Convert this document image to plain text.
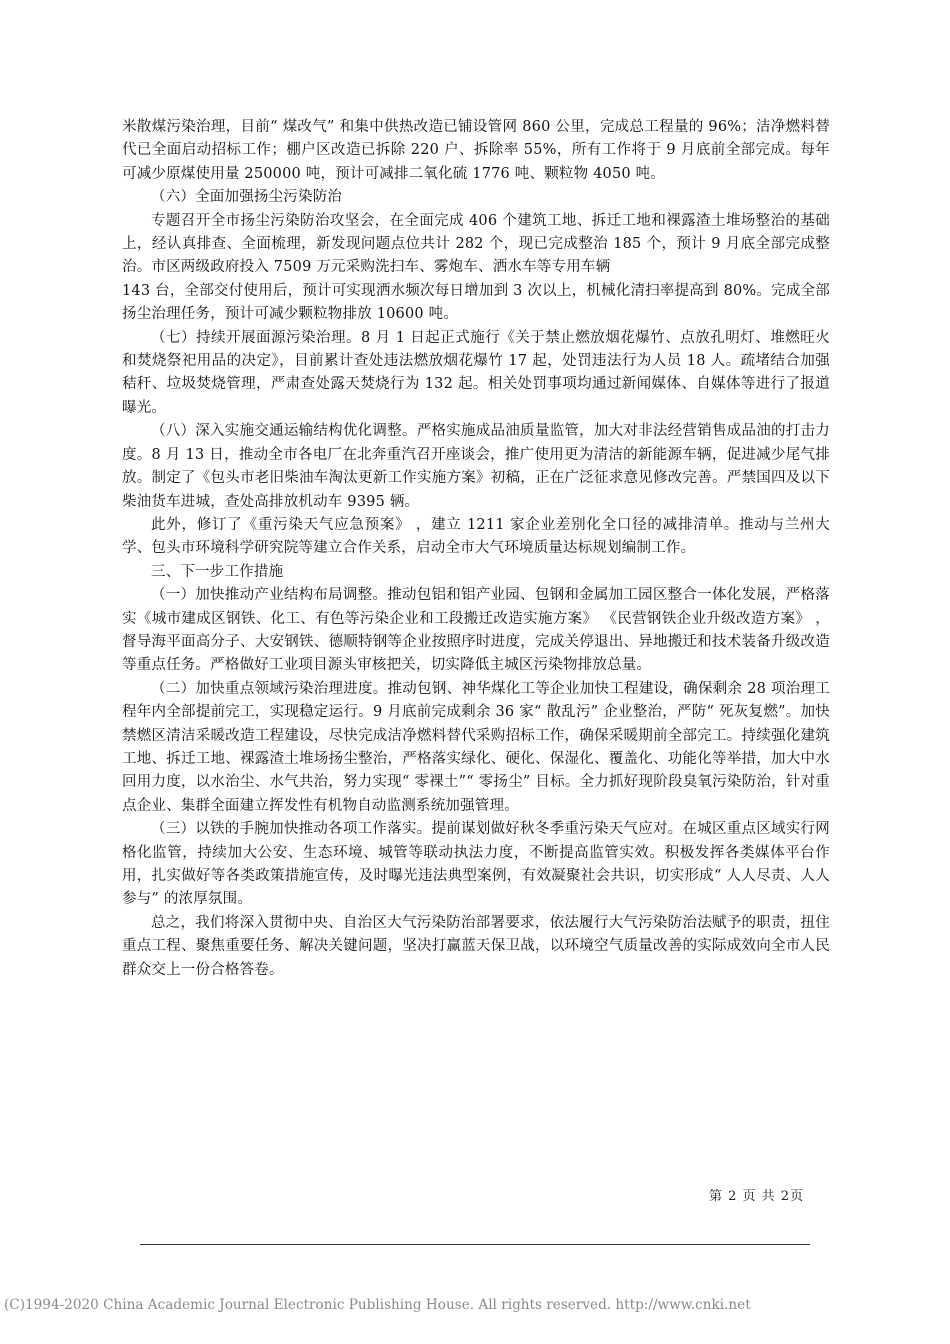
米散煤污染治理，目前“ 煤改气” 和集中供热改造已铺设管网 860 公里，完成总工程量的 96%；洁净燃料替代已全面启动招标工作；棚户区改造已拆除 220 户、拆除率 55%，所有工作将于 9 月底前全部完成。每年可减少原煤使用量 250000 吨，预计可减排二氧化硫 1776 吨、颗粒物 4050 吨。

（六）全面加强扬尘污染防治

专题召开全市扬尘污染防治攻坚会，在全面完成 406 个建筑工地、拆迁工地和裸露渣土堆场整治的基础上，经认真排查、全面梳理，新发现问题点位共计 282 个，现已完成整治 185 个，预计 9 月底全部完成整治。市区两级政府投入 7509 万元采购洗扫车、雾炮车、洒水车等专用车辆

143 台，全部交付使用后，预计可实现洒水频次每日增加到 3 次以上，机械化清扫率提高到 80%。完成全部扬尘治理任务，预计可减少颗粒物排放 10600 吨。

（七）持续开展面源污染治理。8 月 1 日起正式施行《关于禁止燃放烟花爆竹、点放孔明灯、堆燃旺火和焚烧祭祀用品的决定》，目前累计查处违法燃放烟花爆竹 17 起，处罚违法行为人员 18 人。疏堵结合加强秸秆、垃圾焚烧管理，严肃查处露天焚烧行为 132 起。相关处罚事项均通过新闻媒体、自媒体等进行了报道曝光。

（八）深入实施交通运输结构优化调整。严格实施成品油质量监管，加大对非法经营销售成品油的打击力度。8 月 13 日，推动全市各电厂在北奔重汽召开座谈会，推广使用更为清洁的新能源车辆，促进减少尾气排放。制定了《包头市老旧柴油车淘汰更新工作实施方案》初稿，正在广泛征求意见修改完善。严禁国四及以下柴油货车进城，查处高排放机动车 9395 辆。

此外，修订了《重污染天气应急预案》 ，建立 1211 家企业差别化全口径的减排清单。推动与兰州大学、包头市环境科学研究院等建立合作关系，启动全市大气环境质量达标规划编制工作。

三、下一步工作措施

（一）加快推动产业结构布局调整。推动包铝和铝产业园、包钢和金属加工园区整合一体化发展，严格落实《城市建成区钢铁、化工、有色等污染企业和工段搬迁改造实施方案》 《民营钢铁企业升级改造方案》 ，督导海平面高分子、大安钢铁、德顺特钢等企业按照序时进度，完成关停退出、异地搬迁和技术装备升级改造等重点任务。严格做好工业项目源头审核把关，切实降低主城区污染物排放总量。

（二）加快重点领域污染治理进度。推动包钢、神华煤化工等企业加快工程建设，确保剩余 28 项治理工程年内全部提前完工，实现稳定运行。9 月底前完成剩余 36 家“ 散乱污” 企业整治，严防“ 死灰复燃”。加快禁燃区清洁采暖改造工程建设，尽快完成洁净燃料替代采购招标工作，确保采暖期前全部完工。持续强化建筑工地、拆迁工地、裸露渣土堆场扬尘整治，严格落实绿化、硬化、保湿化、覆盖化、功能化等举措，加大中水回用力度，以水治尘、水气共治，努力实现“ 零裸土”“ 零扬尘” 目标。全力抓好现阶段臭氧污染防治，针对重点企业、集群全面建立挥发性有机物自动监测系统加强管理。

（三）以铁的手腕加快推动各项工作落实。提前谋划做好秋冬季重污染天气应对。在城区重点区域实行网格化监管，持续加大公安、生态环境、城管等联动执法力度，不断提高监管实效。积极发挥各类媒体平台作用，扎实做好等各类政策措施宣传，及时曝光违法典型案例，有效凝聚社会共识，切实形成“ 人人尽责、人人参与” 的浓厚氛围。

总之，我们将深入贯彻中央、自治区大气污染防治部署要求，依法履行大气污染防治法赋予的职责，扭住重点工程、聚焦重要任务、解决关键问题，坚决打赢蓝天保卫战，以环境空气质量改善的实际成效向全市人民群众交上一份合格答卷。

第 2 页 共 2页
(C)1994-2020 China Academic Journal Electronic Publishing House. All rights reserved. http://www.cnki.net
